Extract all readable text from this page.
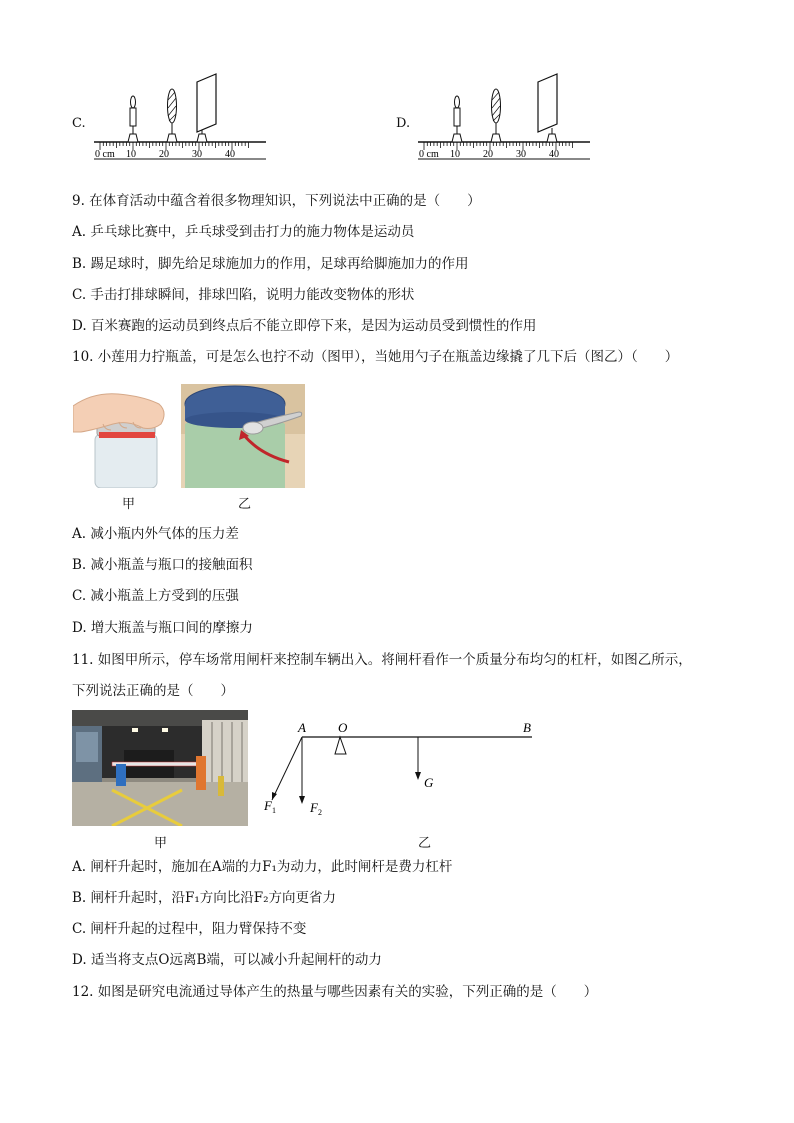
C.
0 cm 10 20 30 40
D.
0 cm 10 20 30 40
9. 在体育活动中蕴含着很多物理知识，下列说法中正确的是（　　）
A. 乒乓球比赛中，乒乓球受到击打力的施力物体是运动员
B. 踢足球时，脚先给足球施加力的作用，足球再给脚施加力的作用
C. 手击打排球瞬间，排球凹陷，说明力能改变物体的形状
D. 百米赛跑的运动员到终点后不能立即停下来，是因为运动员受到惯性的作用
10. 小莲用力拧瓶盖，可是怎么也拧不动（图甲），当她用勺子在瓶盖边缘撬了几下后（图乙）（　　）
甲	乙
A. 减小瓶内外气体的压力差
B. 减小瓶盖与瓶口的接触面积
C. 减小瓶盖上方受到的压强
D. 增大瓶盖与瓶口间的摩擦力
11. 如图甲所示，停车场常用闸杆来控制车辆出入。将闸杆看作一个质量分布均匀的杠杆，如图乙所示，
下列说法正确的是（　　）
A O	B
G
F 1	F 2
甲	乙
A. 闸杆升起时，施加在A端的力F₁为动力，此时闸杆是费力杠杆
B. 闸杆升起时，沿F₁方向比沿F₂方向更省力
C. 闸杆升起的过程中，阻力臂保持不变
D. 适当将支点O远离B端，可以减小升起闸杆的动力
12. 如图是研究电流通过导体产生的热量与哪些因素有关的实验，下列正确的是（　　）
